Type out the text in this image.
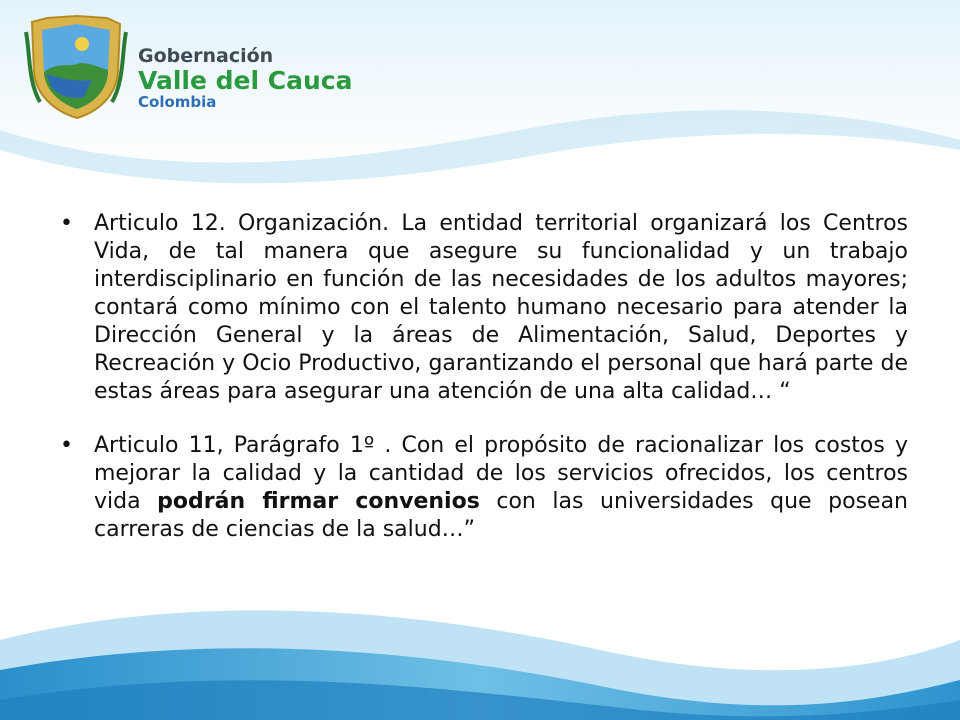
Gobernación
Valle del Cauca
Colombia
• Articulo 12. Organización. La entidad territorial organizará los Centros Vida, de tal manera que asegure su funcionalidad y un trabajo interdisciplinario en función de las necesidades de los adultos mayores; contará como mínimo con el talento humano necesario para atender la Dirección General y la áreas de Alimentación, Salud, Deportes y Recreación y Ocio Productivo, garantizando el personal que hará parte de estas áreas para asegurar una atención de una alta calidad… “
• Articulo 11, Parágrafo 1º . Con el propósito de racionalizar los costos y mejorar la calidad y la cantidad de los servicios ofrecidos, los centros vida podrán firmar convenios con las universidades que posean carreras de ciencias de la salud…”
